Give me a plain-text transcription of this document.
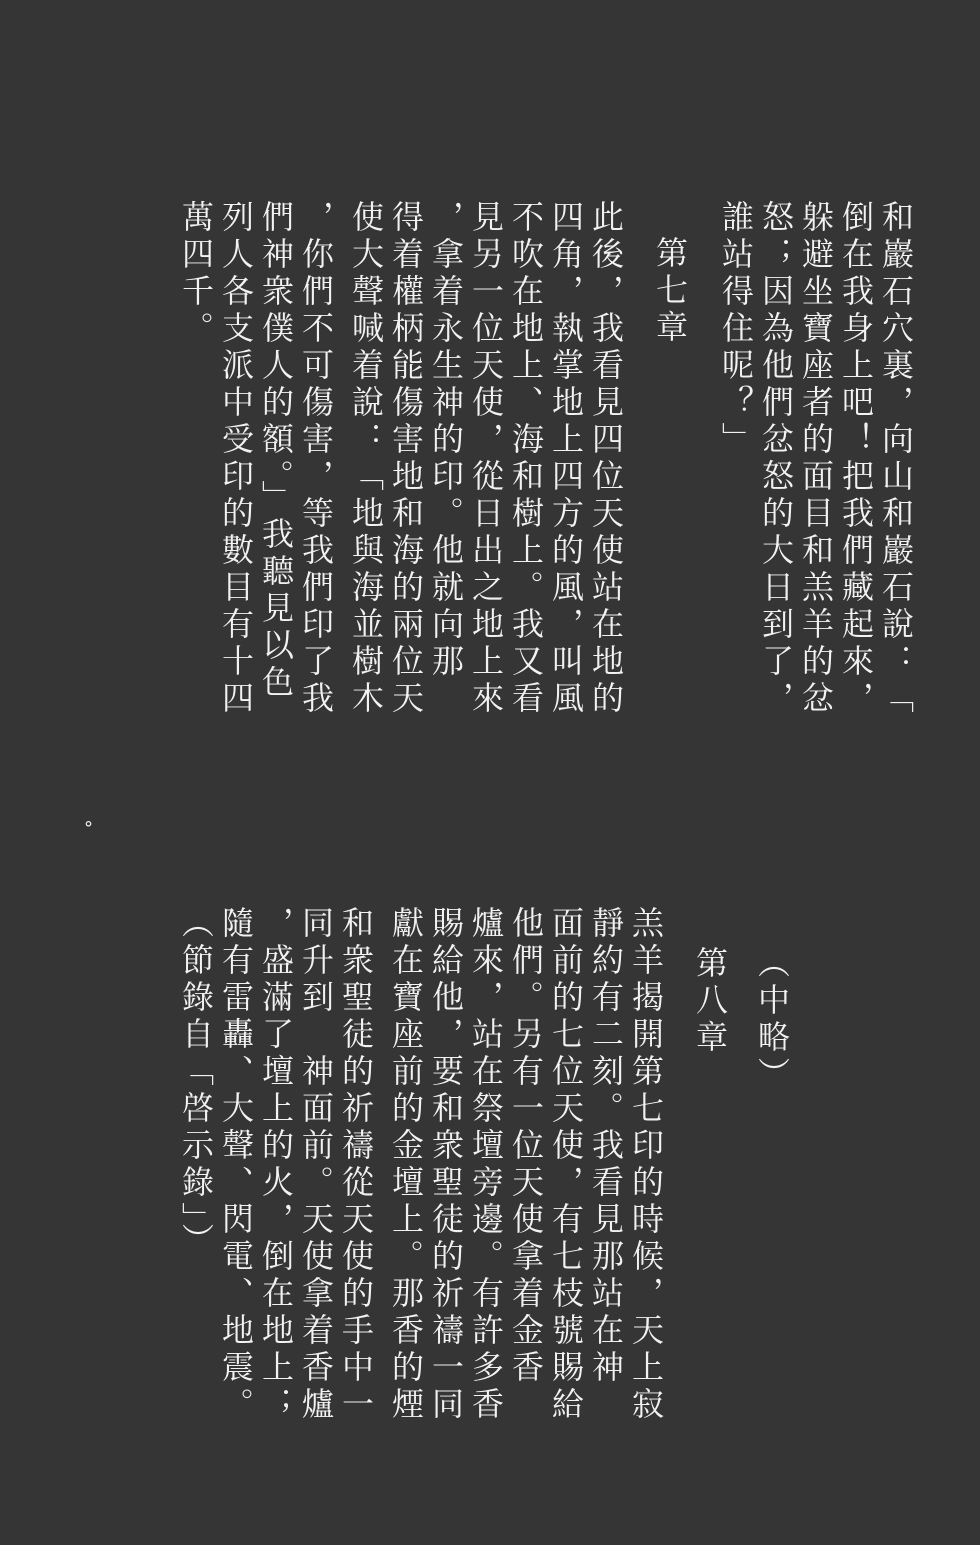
和巖石穴裏，向山和巖石說：「

倒在我身上吧！把我們藏起來，

躲避坐寶座者的面目和羔羊的忿

怒；因為他們忿怒的大日到了，

誰站得住呢？」

第七章

此後，我看見四位天使站在地的

四角，執掌地上四方的風，叫風

不吹在地上、海和樹上。我又看

見另一位天使，從日出之地上來

，拿着永生神的印。他就向那

得着權柄能傷害地和海的兩位天

使大聲喊着說：「地與海並樹木

，你們不可傷害，等我們印了我

們神衆僕人的額。」我聽見以色

列人各支派中受印的數目有十四

萬四千。

°

（中略）

第八章

羔羊揭開第七印的時候，天上寂

靜約有二刻。我看見那站在神

面前的七位天使，有七枝號賜給

他們。另有一位天使拿着金香

爐來，站在祭壇旁邊。有許多香

賜給他，要和衆聖徒的祈禱一同

獻在寶座前的金壇上。那香的煙

和衆聖徒的祈禱從天使的手中一

同升到　神面前。天使拿着香爐

，盛滿了壇上的火，倒在地上；

隨有雷轟、大聲、閃電、地震。

（節錄自「啓示錄」）
